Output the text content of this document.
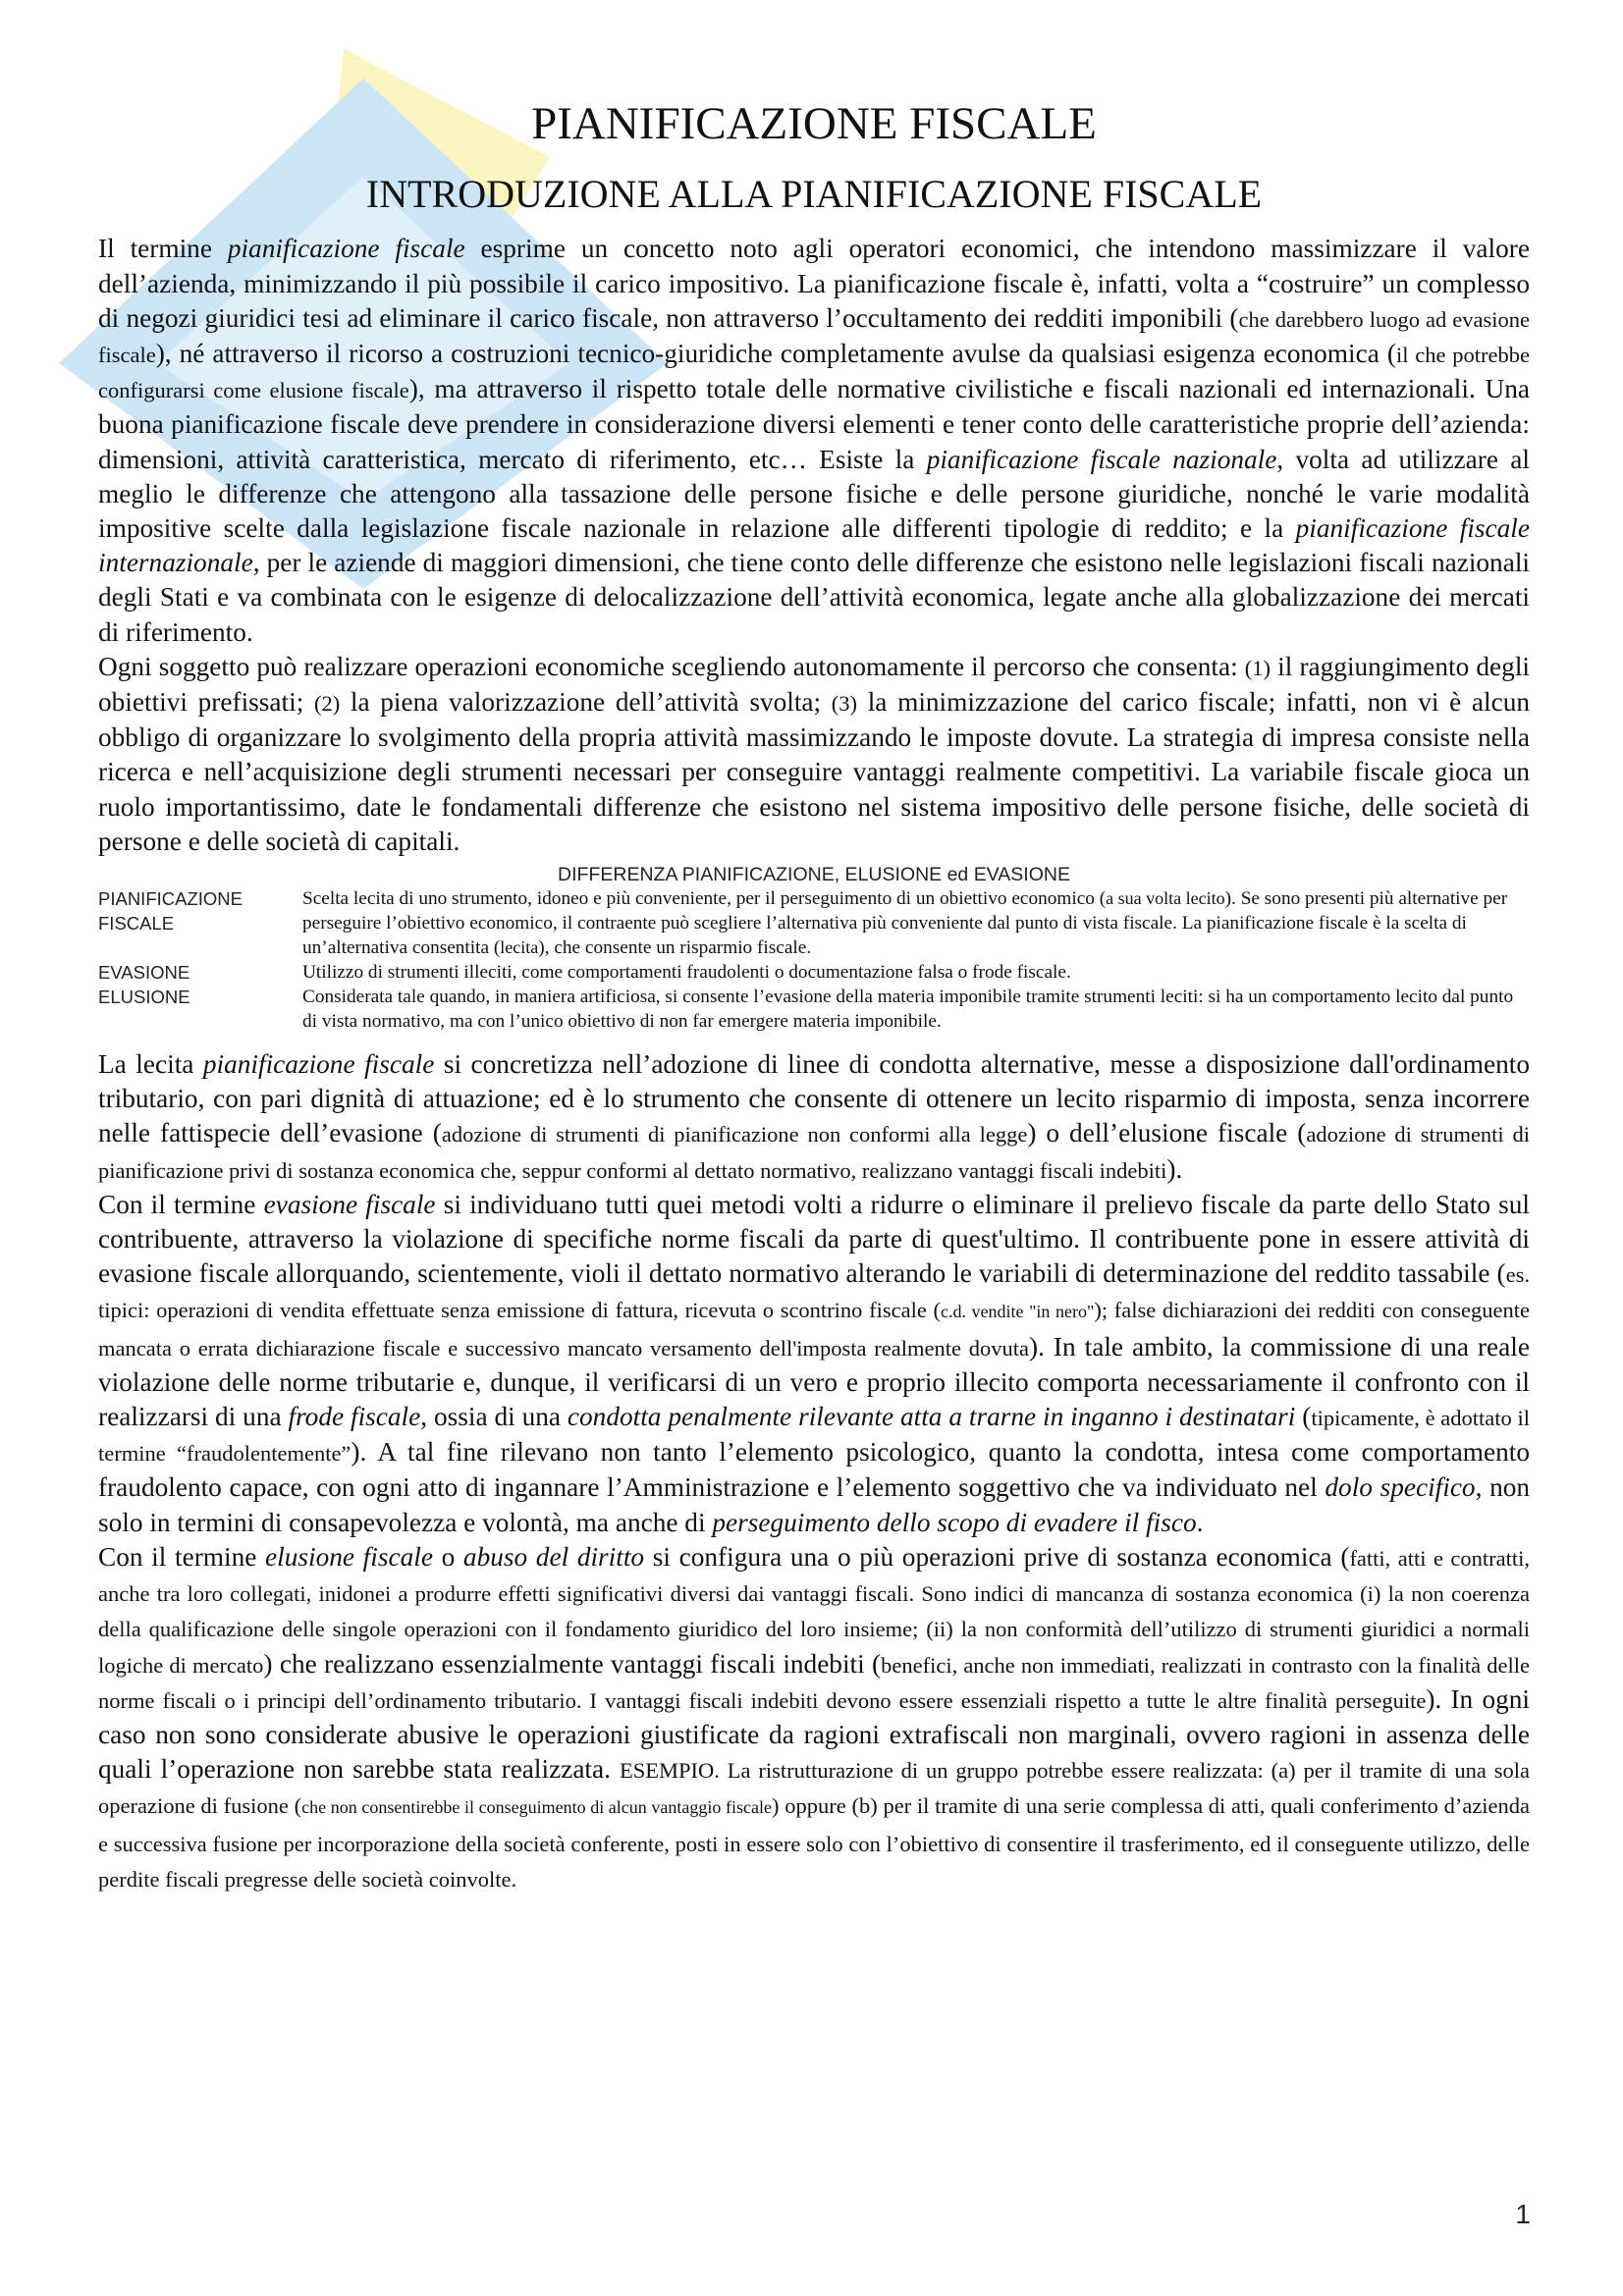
PIANIFICAZIONE FISCALE
INTRODUZIONE ALLA PIANIFICAZIONE FISCALE

Il termine pianificazione fiscale esprime un concetto noto agli operatori economici, che intendono massimizzare il valore dell’azienda, minimizzando il più possibile il carico impositivo. La pianificazione fiscale è, infatti, volta a “costruire” un complesso di negozi giuridici tesi ad eliminare il carico fiscale, non attraverso l’occultamento dei redditi imponibili (che darebbero luogo ad evasione fiscale), né attraverso il ricorso a costruzioni tecnico-giuridiche completamente avulse da qualsiasi esigenza economica (il che potrebbe configurarsi come elusione fiscale), ma attraverso il rispetto totale delle normative civilistiche e fiscali nazionali ed internazionali. Una buona pianificazione fiscale deve prendere in considerazione diversi elementi e tener conto delle caratteristiche proprie dell’azienda: dimensioni, attività caratteristica, mercato di riferimento, etc… Esiste la pianificazione fiscale nazionale, volta ad utilizzare al meglio le differenze che attengono alla tassazione delle persone fisiche e delle persone giuridiche, nonché le varie modalità impositive scelte dalla legislazione fiscale nazionale in relazione alle differenti tipologie di reddito; e la pianificazione fiscale internazionale, per le aziende di maggiori dimensioni, che tiene conto delle differenze che esistono nelle legislazioni fiscali nazionali degli Stati e va combinata con le esigenze di delocalizzazione dell’attività economica, legate anche alla globalizzazione dei mercati di riferimento.

Ogni soggetto può realizzare operazioni economiche scegliendo autonomamente il percorso che consenta: (1) il raggiungimento degli obiettivi prefissati; (2) la piena valorizzazione dell’attività svolta; (3) la minimizzazione del carico fiscale; infatti, non vi è alcun obbligo di organizzare lo svolgimento della propria attività massimizzando le imposte dovute. La strategia di impresa consiste nella ricerca e nell’acquisizione degli strumenti necessari per conseguire vantaggi realmente competitivi. La variabile fiscale gioca un ruolo importantissimo, date le fondamentali differenze che esistono nel sistema impositivo delle persone fisiche, delle società di persone e delle società di capitali.

DIFFERENZA PIANIFICAZIONE, ELUSIONE ed EVASIONE
PIANIFICAZIONE FISCALE
Scelta lecita di uno strumento, idoneo e più conveniente, per il perseguimento di un obiettivo economico (a sua volta lecito). Se sono presenti più alternative per perseguire l’obiettivo economico, il contraente può scegliere l’alternativa più conveniente dal punto di vista fiscale. La pianificazione fiscale è la scelta di un’alternativa consentita (lecita), che consente un risparmio fiscale.
EVASIONE	Utilizzo di strumenti illeciti, come comportamenti fraudolenti o documentazione falsa o frode fiscale.
ELUSIONE	Considerata tale quando, in maniera artificiosa, si consente l’evasione della materia imponibile tramite strumenti leciti: si ha un comportamento lecito dal punto di vista normativo, ma con l’unico obiettivo di non far emergere materia imponibile.

La lecita pianificazione fiscale si concretizza nell’adozione di linee di condotta alternative, messe a disposizione dall'ordinamento tributario, con pari dignità di attuazione; ed è lo strumento che consente di ottenere un lecito risparmio di imposta, senza incorrere nelle fattispecie dell’evasione (adozione di strumenti di pianificazione non conformi alla legge) o dell’elusione fiscale (adozione di strumenti di pianificazione privi di sostanza economica che, seppur conformi al dettato normativo, realizzano vantaggi fiscali indebiti).

Con il termine evasione fiscale si individuano tutti quei metodi volti a ridurre o eliminare il prelievo fiscale da parte dello Stato sul contribuente, attraverso la violazione di specifiche norme fiscali da parte di quest'ultimo. Il contribuente pone in essere attività di evasione fiscale allorquando, scientemente, violi il dettato normativo alterando le variabili di determinazione del reddito tassabile (es. tipici: operazioni di vendita effettuate senza emissione di fattura, ricevuta o scontrino fiscale (c.d. vendite "in nero"); false dichiarazioni dei redditi con conseguente mancata o errata dichiarazione fiscale e successivo mancato versamento dell'imposta realmente dovuta). In tale ambito, la commissione di una reale violazione delle norme tributarie e, dunque, il verificarsi di un vero e proprio illecito comporta necessariamente il confronto con il realizzarsi di una frode fiscale, ossia di una condotta penalmente rilevante atta a trarne in inganno i destinatari (tipicamente, è adottato il termine “fraudolentemente”). A tal fine rilevano non tanto l’elemento psicologico, quanto la condotta, intesa come comportamento fraudolento capace, con ogni atto di ingannare l’Amministrazione e l’elemento soggettivo che va individuato nel dolo specifico, non solo in termini di consapevolezza e volontà, ma anche di perseguimento dello scopo di evadere il fisco.

Con il termine elusione fiscale o abuso del diritto si configura una o più operazioni prive di sostanza economica (fatti, atti e contratti, anche tra loro collegati, inidonei a produrre effetti significativi diversi dai vantaggi fiscali. Sono indici di mancanza di sostanza economica (i) la non coerenza della qualificazione delle singole operazioni con il fondamento giuridico del loro insieme; (ii) la non conformità dell’utilizzo di strumenti giuridici a normali logiche di mercato) che realizzano essenzialmente vantaggi fiscali indebiti (benefici, anche non immediati, realizzati in contrasto con la finalità delle norme fiscali o i principi dell’ordinamento tributario. I vantaggi fiscali indebiti devono essere essenziali rispetto a tutte le altre finalità perseguite). In ogni caso non sono considerate abusive le operazioni giustificate da ragioni extrafiscali non marginali, ovvero ragioni in assenza delle quali l’operazione non sarebbe stata realizzata. ESEMPIO. La ristrutturazione di un gruppo potrebbe essere realizzata: (a) per il tramite di una sola operazione di fusione (che non consentirebbe il conseguimento di alcun vantaggio fiscale) oppure (b) per il tramite di una serie complessa di atti, quali conferimento d’azienda e successiva fusione per incorporazione della società conferente, posti in essere solo con l’obiettivo di consentire il trasferimento, ed il conseguente utilizzo, delle perdite fiscali pregresse delle società coinvolte.

1
